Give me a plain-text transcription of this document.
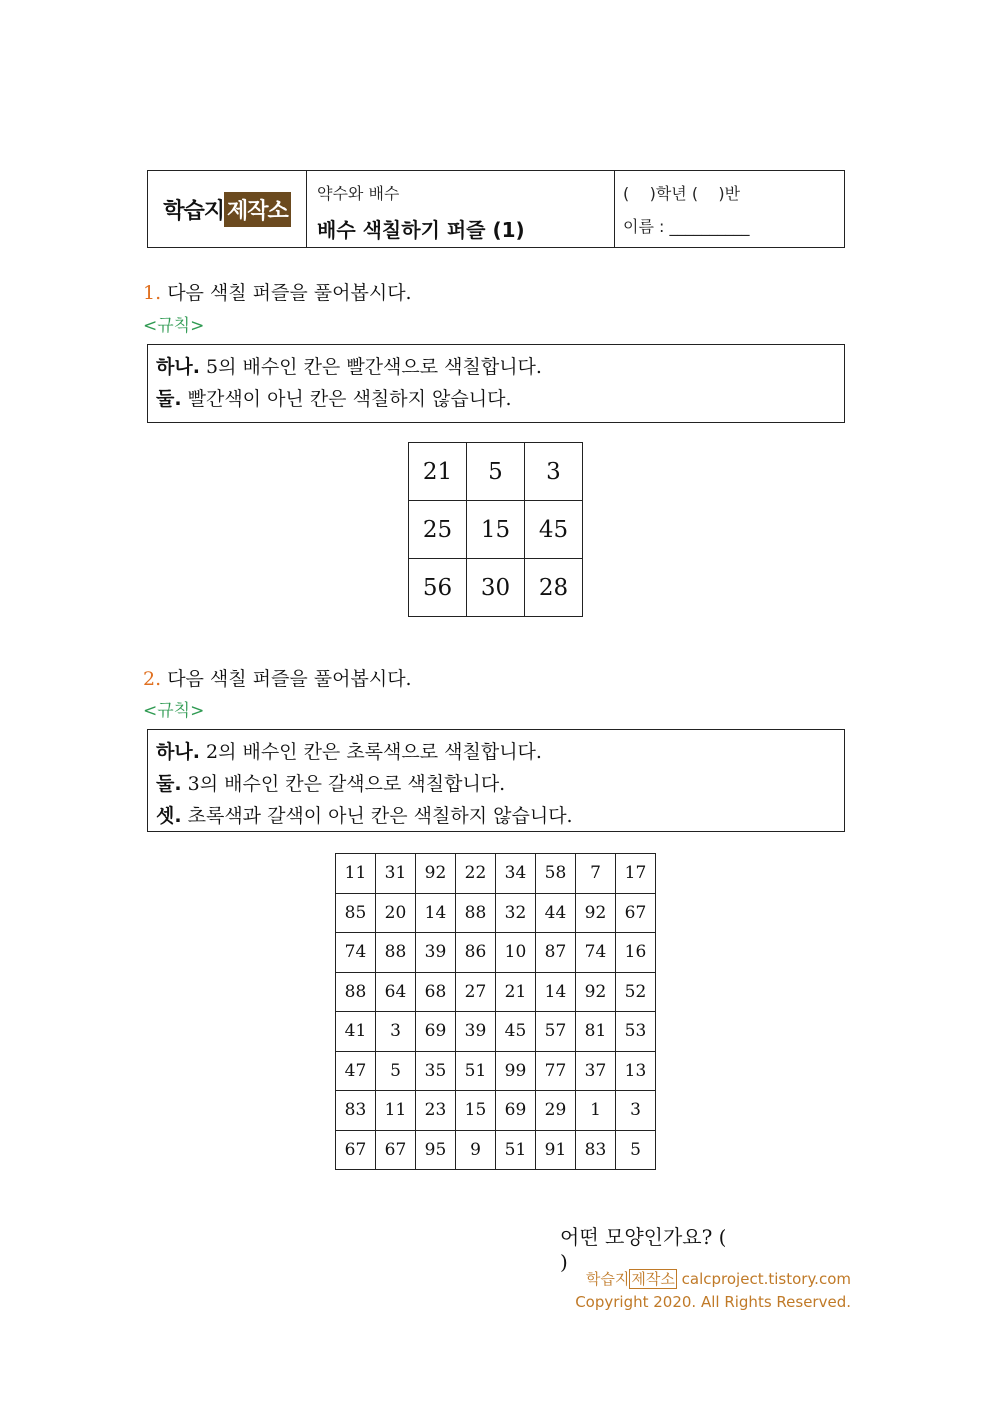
학습지 제작소
약수와 배수
배수 색칠하기 퍼즐 (1)
(    )학년 (    )반
이름 : __________
1. 다음 색칠 퍼즐을 풀어봅시다.
<규칙>
하나. 5의 배수인 칸은 빨간색으로 색칠합니다.
둘. 빨간색이 아닌 칸은 색칠하지 않습니다.
21	5	3
25	15	45
56	30	28
2. 다음 색칠 퍼즐을 풀어봅시다.
<규칙>
하나. 2의 배수인 칸은 초록색으로 색칠합니다.
둘. 3의 배수인 칸은 갈색으로 색칠합니다.
셋. 초록색과 갈색이 아닌 칸은 색칠하지 않습니다.
11	31	92	22	34	58	7	17
85	20	14	88	32	44	92	67
74	88	39	86	10	87	74	16
88	64	68	27	21	14	92	52
41	3	69	39	45	57	81	53
47	5	35	51	99	77	37	13
83	11	23	15	69	29	1	3
67	67	95	9	51	91	83	5
어떤 모양인가요? (  )
학습지 제작소 calcproject.tistory.com
Copyright 2020. All Rights Reserved.
